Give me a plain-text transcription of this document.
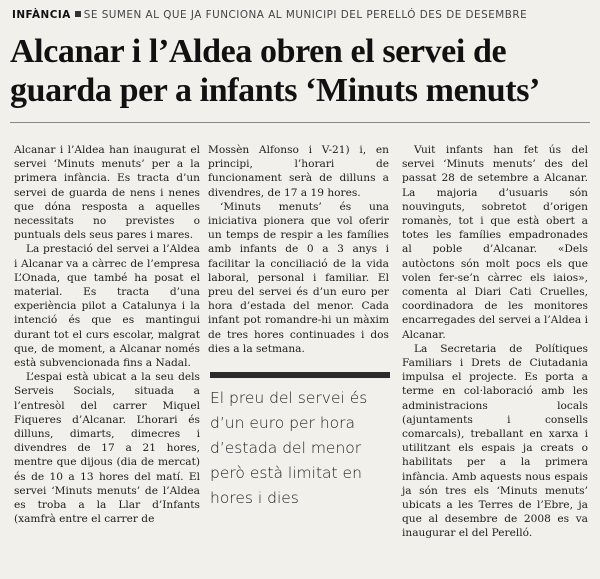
INFÀNCIA SE SUMEN AL QUE JA FUNCIONA AL MUNICIPI DEL PERELLÓ DES DE DESEMBRE
Alcanar i l’Aldea obren el servei de guarda per a infants ‘Minuts menuts’

Alcanar i l’Aldea han inaugurat el servei ‘Minuts menuts’ per a la primera infància. Es tracta d’un servei de guarda de nens i nenes que dóna resposta a aquelles necessitats no previstes o puntuals dels seus pares i mares.

La prestació del servei a l’Aldea i Alcanar va a càrrec de l’empresa L’Onada, que també ha posat el material. Es tracta d’una experiència pilot a Catalunya i la intenció és que es mantingui durant tot el curs escolar, malgrat que, de moment, a Alcanar només està subvencionada fins a Nadal.

L’espai està ubicat a la seu dels Serveis Socials, situada a l’entresòl del carrer Miquel Fiqueres d’Alcanar. L’horari és dilluns, dimarts, dimecres i divendres de 17 a 21 hores, mentre que dijous (dia de mercat) és de 10 a 13 hores del matí. El servei ‘Minuts menuts’ de l’Aldea es troba a la Llar d’Infants (xamfrà entre el carrer de

Mossèn Alfonso i V-21) i, en principi, l’horari de funcionament serà de dilluns a divendres, de 17 a 19 hores.

‘Minuts menuts’ és una iniciativa pionera que vol oferir un temps de respir a les famílies amb infants de 0 a 3 anys i facilitar la conciliació de la vida laboral, personal i familiar. El preu del servei és d’un euro per hora d’estada del menor. Cada infant pot romandre-hi un màxim de tres hores continuades i dos dies a la setmana.

El preu del servei és d’un euro per hora d’estada del menor però està limitat en hores i dies

Vuit infants han fet ús del servei ‘Minuts menuts’ des del passat 28 de setembre a Alcanar. La majoria d’usuaris són nouvinguts, sobretot d’origen romanès, tot i que està obert a totes les famílies empadronades al poble d’Alcanar. «Dels autòctons són molt pocs els que volen fer-se’n càrrec els iaios», comenta al Diari Cati Cruelles, coordinadora de les monitores encarregades del servei a l’Aldea i Alcanar.

La Secretaria de Polítiques Familiars i Drets de Ciutadania impulsa el projecte. Es porta a terme en col·laboració amb les administracions locals (ajuntaments i consells comarcals), treballant en xarxa i utilitzant els espais ja creats o habilitats per a la primera infància. Amb aquests nous espais ja són tres els ‘Minuts menuts’ ubicats a les Terres de l’Ebre, ja que al desembre de 2008 es va inaugurar el del Perelló.
